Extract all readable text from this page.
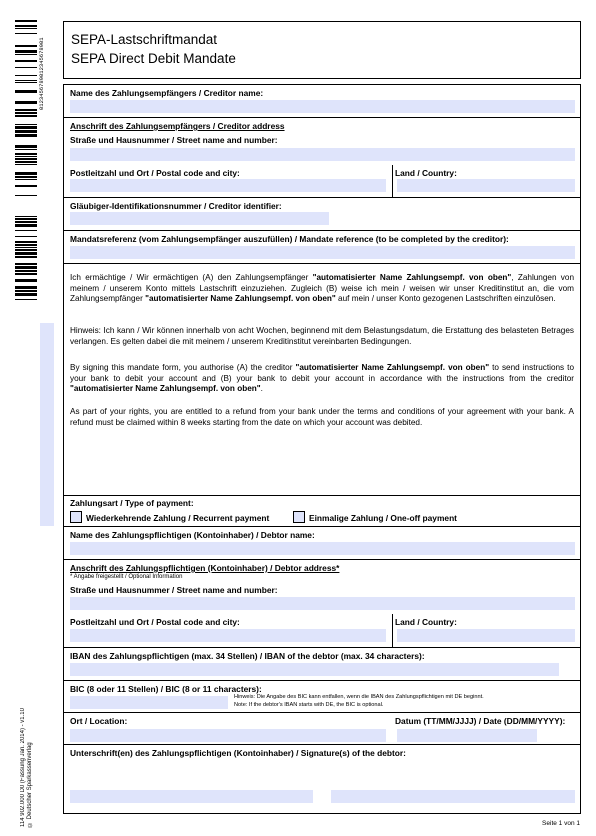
0123456789012345678901
114 902.000 D0 (Fassung Jan. 2014) - v1.10 © Deutscher Sparkassenverlag
SEPA-Lastschriftmandat
SEPA Direct Debit Mandate
Name des Zahlungsempfängers / Creditor name:
Anschrift des Zahlungsempfängers / Creditor address
Straße und Hausnummer / Street name and number:
Postleitzahl und Ort / Postal code and city:	Land / Country:
Gläubiger-Identifikationsnummer / Creditor identifier:
Mandatsreferenz (vom Zahlungsempfänger auszufüllen) / Mandate reference (to be completed by the creditor):
Ich ermächtige / Wir ermächtigen (A) den Zahlungsempfänger "automatisierter Name Zahlungsempf. von oben", Zahlungen von meinem / unserem Konto mittels Lastschrift einzuziehen. Zugleich (B) weise ich mein / weisen wir unser Kreditinstitut an, die vom Zahlungsempfänger "automatisierter Name Zahlungsempf. von oben" auf mein / unser Konto gezogenen Lastschriften einzulösen.
Hinweis: Ich kann / Wir können innerhalb von acht Wochen, beginnend mit dem Belastungsdatum, die Erstattung des belasteten Betrages verlangen. Es gelten dabei die mit meinem / unserem Kreditinstitut vereinbarten Bedingungen.
By signing this mandate form, you authorise (A) the creditor "automatisierter Name Zahlungsempf. von oben" to send instructions to your bank to debit your account and (B) your bank to debit your account in accordance with the instructions from the creditor "automatisierter Name Zahlungsempf. von oben".
As part of your rights, you are entitled to a refund from your bank under the terms and conditions of your agreement with your bank. A refund must be claimed within 8 weeks starting from the date on which your account was debited.
Zahlungsart / Type of payment:
Wiederkehrende Zahlung / Recurrent payment	Einmalige Zahlung / One-off payment
Name des Zahlungspflichtigen (Kontoinhaber) / Debtor name:
Anschrift des Zahlungspflichtigen (Kontoinhaber) / Debtor address*
* Angabe freigestellt / Optional Information
Straße und Hausnummer / Street name and number:
Postleitzahl und Ort / Postal code and city:	Land / Country:
IBAN des Zahlungspflichtigen (max. 34 Stellen) / IBAN of the debtor (max. 34 characters):
BIC (8 oder 11 Stellen) / BIC (8 or 11 characters):
Hinweis: Die Angabe des BIC kann entfallen, wenn die IBAN des Zahlungspflichtigen mit DE beginnt.
Note: If the debtor's IBAN starts with DE, the BIC is optional.
Ort / Location:	Datum (TT/MM/JJJJ) / Date (DD/MM/YYYY):
Unterschrift(en) des Zahlungspflichtigen (Kontoinhaber) / Signature(s) of the debtor:
Seite 1 von 1
